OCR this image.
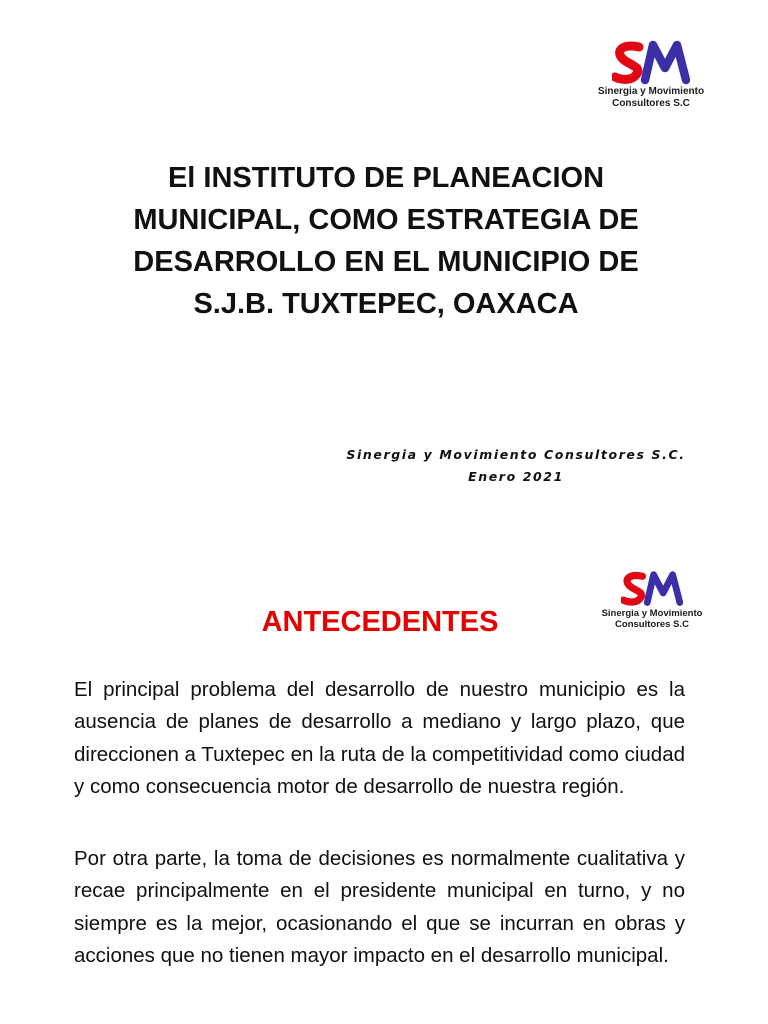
Sinergia y Movimiento
Consultores S.C
El INSTITUTO DE PLANEACION
MUNICIPAL, COMO ESTRATEGIA DE
DESARROLLO EN EL MUNICIPIO DE
S.J.B. TUXTEPEC, OAXACA
Sinergia y Movimiento Consultores S.C.
Enero 2021
Sinergia y Movimiento
Consultores S.C
ANTECEDENTES

El principal problema del desarrollo de nuestro municipio es la ausencia de planes de desarrollo a mediano y largo plazo, que direccionen a Tuxtepec en la ruta de la competitividad como ciudad y como consecuencia motor de desarrollo de nuestra región.

Por otra parte, la toma de decisiones es normalmente cualitativa y recae principalmente en el presidente municipal en turno, y no siempre es la mejor, ocasionando el que se incurran en obras y acciones que no tienen mayor impacto en el desarrollo municipal.
